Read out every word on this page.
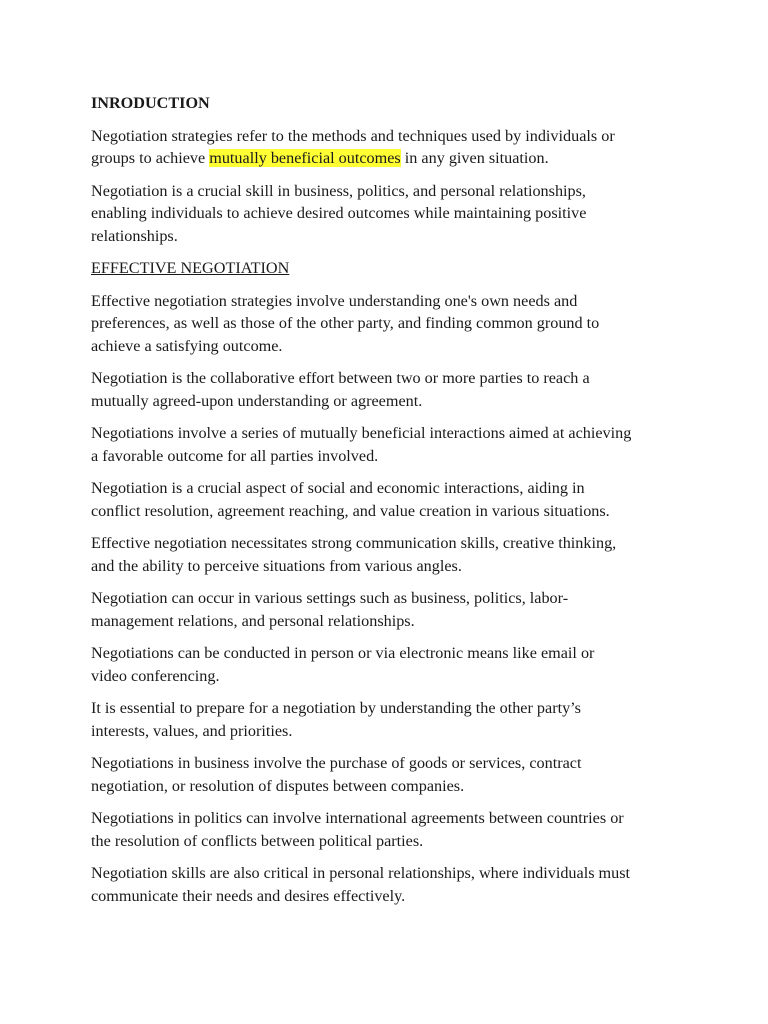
INRODUCTION
Negotiation strategies refer to the methods and techniques used by individuals or
groups to achieve mutually beneficial outcomes in any given situation.
Negotiation is a crucial skill in business, politics, and personal relationships,
enabling individuals to achieve desired outcomes while maintaining positive
relationships.
EFFECTIVE NEGOTIATION
Effective negotiation strategies involve understanding one's own needs and
preferences, as well as those of the other party, and finding common ground to
achieve a satisfying outcome.
Negotiation is the collaborative effort between two or more parties to reach a
mutually agreed-upon understanding or agreement.
Negotiations involve a series of mutually beneficial interactions aimed at achieving
a favorable outcome for all parties involved.
Negotiation is a crucial aspect of social and economic interactions, aiding in
conflict resolution, agreement reaching, and value creation in various situations.
Effective negotiation necessitates strong communication skills, creative thinking,
and the ability to perceive situations from various angles.
Negotiation can occur in various settings such as business, politics, labor-
management relations, and personal relationships.
Negotiations can be conducted in person or via electronic means like email or
video conferencing.
It is essential to prepare for a negotiation by understanding the other party’s
interests, values, and priorities.
Negotiations in business involve the purchase of goods or services, contract
negotiation, or resolution of disputes between companies.
Negotiations in politics can involve international agreements between countries or
the resolution of conflicts between political parties.
Negotiation skills are also critical in personal relationships, where individuals must
communicate their needs and desires effectively.
